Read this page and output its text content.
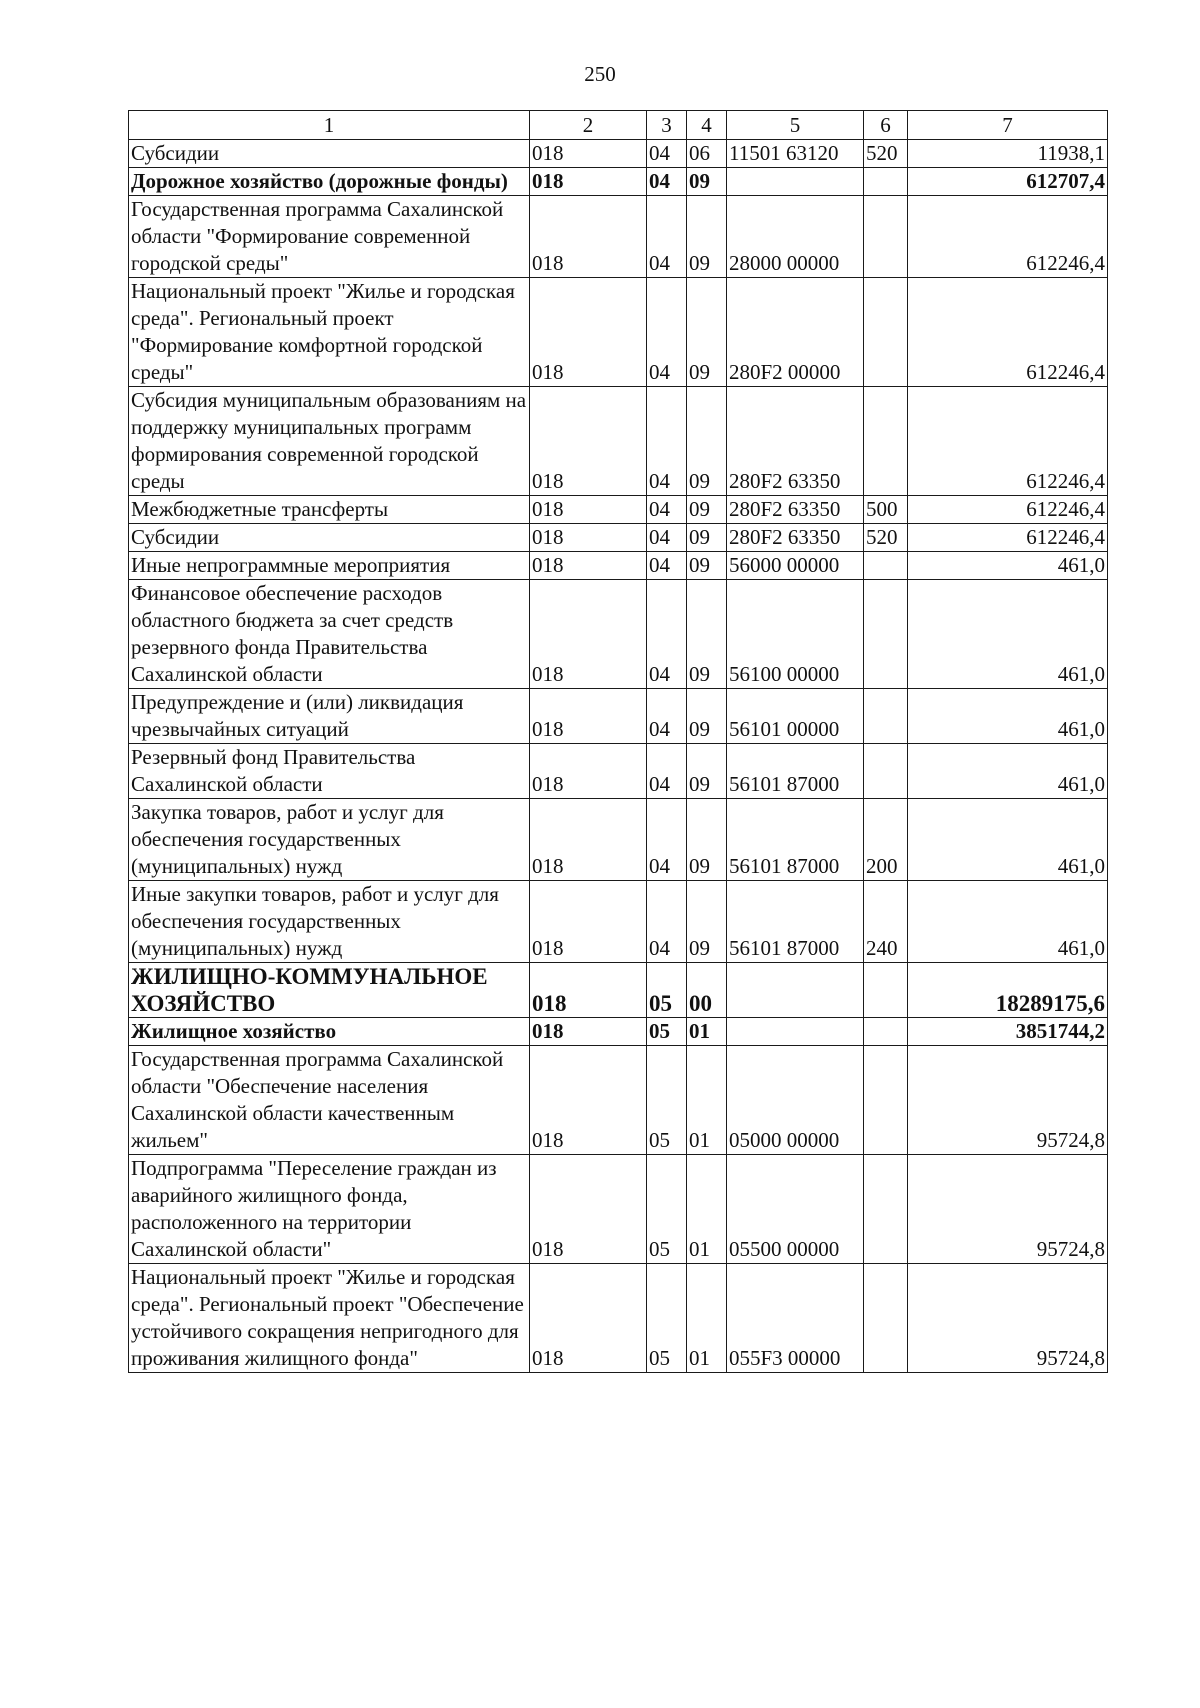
250
1	2	3	4	5	6	7
Субсидии	018	04	06	11501 63120	520	11938,1
Дорожное хозяйство (дорожные фонды)	018	04	09			612707,4
Государственная программа Сахалинской области "Формирование современной городской среды"	018	04	09	28000 00000		612246,4
Национальный проект "Жилье и городская среда". Региональный проект "Формирование комфортной городской среды"	018	04	09	280F2 00000		612246,4
Субсидия муниципальным образованиям на поддержку муниципальных программ формирования современной городской среды	018	04	09	280F2 63350		612246,4
Межбюджетные трансферты	018	04	09	280F2 63350	500	612246,4
Субсидии	018	04	09	280F2 63350	520	612246,4
Иные непрограммные мероприятия	018	04	09	56000 00000		461,0
Финансовое обеспечение расходов областного бюджета за счет средств резервного фонда Правительства Сахалинской области	018	04	09	56100 00000		461,0
Предупреждение и (или) ликвидация чрезвычайных ситуаций	018	04	09	56101 00000		461,0
Резервный фонд Правительства Сахалинской области	018	04	09	56101 87000		461,0
Закупка товаров, работ и услуг для обеспечения государственных (муниципальных) нужд	018	04	09	56101 87000	200	461,0
Иные закупки товаров, работ и услуг для обеспечения государственных (муниципальных) нужд	018	04	09	56101 87000	240	461,0
ЖИЛИЩНО-КОММУНАЛЬНОЕ ХОЗЯЙСТВО	018	05	00			18289175,6
Жилищное хозяйство	018	05	01			3851744,2
Государственная программа Сахалинской области "Обеспечение населения Сахалинской области качественным жильем"	018	05	01	05000 00000		95724,8
Подпрограмма "Переселение граждан из аварийного жилищного фонда, расположенного на территории Сахалинской области"	018	05	01	05500 00000		95724,8
Национальный проект "Жилье и городская среда". Региональный проект "Обеспечение устойчивого сокращения непригодного для проживания жилищного фонда"	018	05	01	055F3 00000		95724,8
